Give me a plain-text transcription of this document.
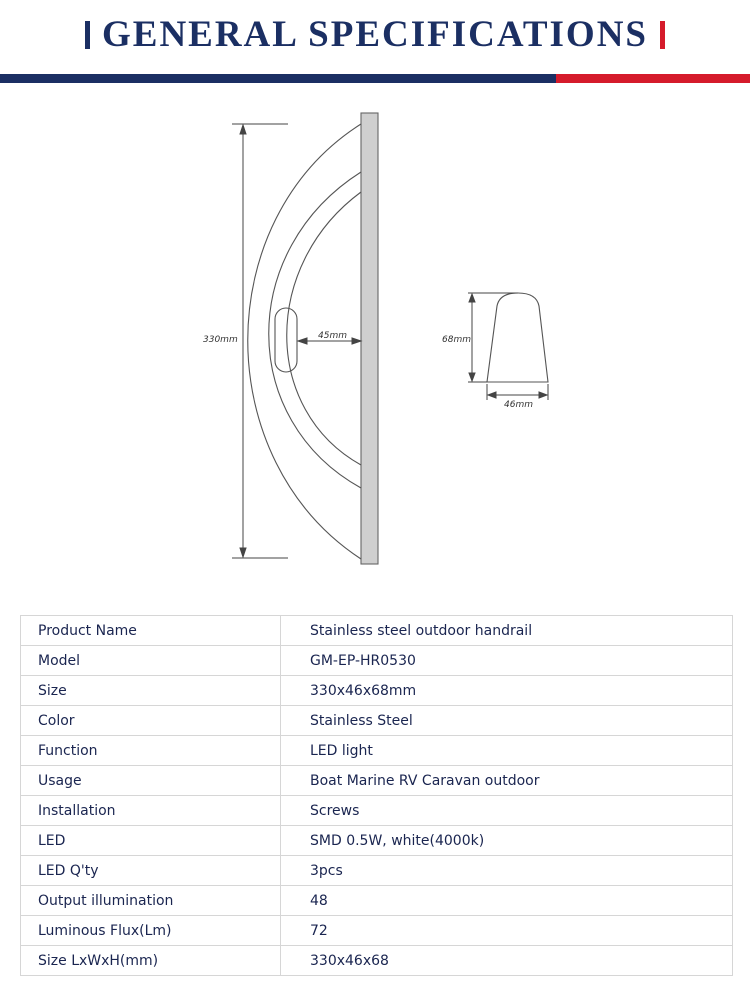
GENERAL SPECIFICATIONS
330mm	45mm	68mm
46mm
Product Name	Stainless steel outdoor handrail
Model	GM-EP-HR0530
Size	330x46x68mm
Color	Stainless Steel
Function	LED light
Usage	Boat Marine RV Caravan outdoor
Installation	Screws
LED	SMD 0.5W, white(4000k)
LED Q'ty	3pcs
Output illumination	48
Luminous Flux(Lm)	72
Size LxWxH(mm)	330x46x68
